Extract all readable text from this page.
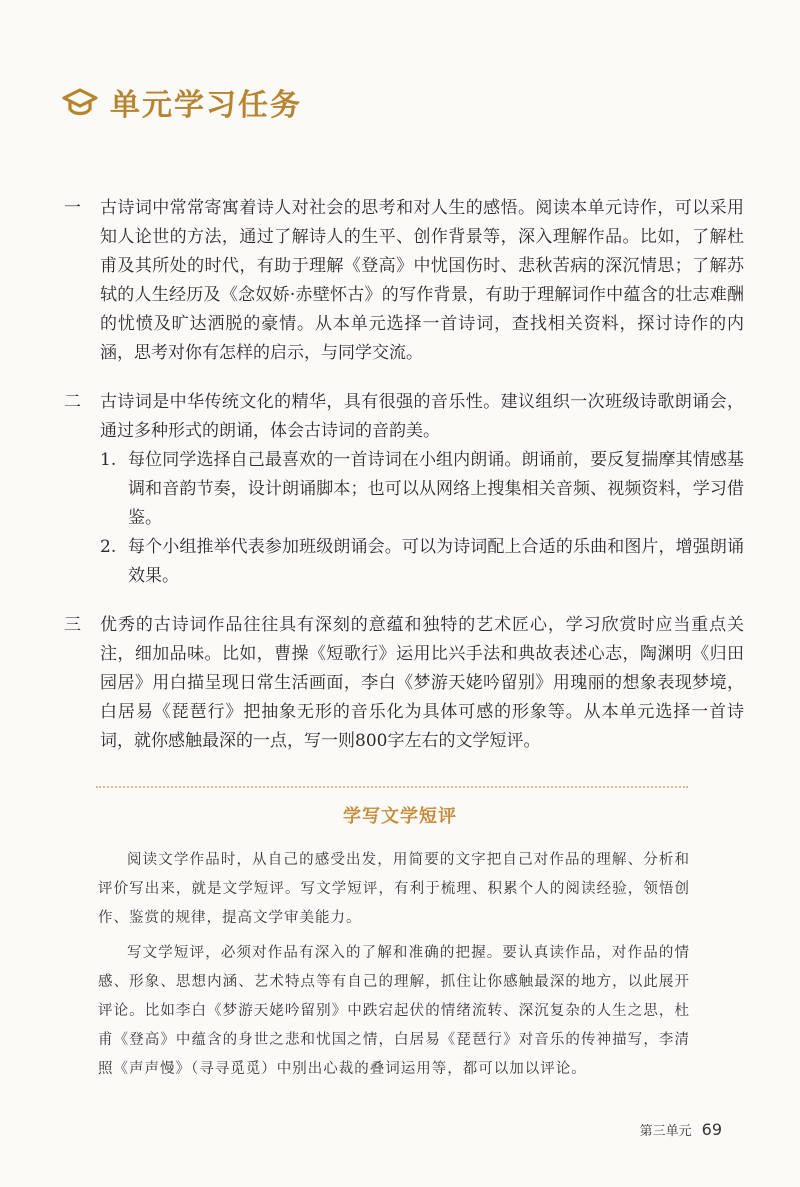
单元学习任务
一	古诗词中常常寄寓着诗人对社会的思考和对人生的感悟。阅读本单元诗作，可以采用知人论世的方法，通过了解诗人的生平、创作背景等，深入理解作品。比如，了解杜甫及其所处的时代，有助于理解《登高》中忧国伤时、悲秋苦病的深沉情思；了解苏轼的人生经历及《念奴娇·赤壁怀古》的写作背景，有助于理解词作中蕴含的壮志难酬的忧愤及旷达洒脱的豪情。从本单元选择一首诗词，查找相关资料，探讨诗作的内涵，思考对你有怎样的启示，与同学交流。

二	古诗词是中华传统文化的精华，具有很强的音乐性。建议组织一次班级诗歌朗诵会，通过多种形式的朗诵，体会古诗词的音韵美。

1. 每位同学选择自己最喜欢的一首诗词在小组内朗诵。朗诵前，要反复揣摩其情感基调和音韵节奏，设计朗诵脚本；也可以从网络上搜集相关音频、视频资料，学习借鉴。
2. 每个小组推举代表参加班级朗诵会。可以为诗词配上合适的乐曲和图片，增强朗诵效果。
三	优秀的古诗词作品往往具有深刻的意蕴和独特的艺术匠心，学习欣赏时应当重点关注，细加品味。比如，曹操《短歌行》运用比兴手法和典故表述心志，陶渊明《归田园居》用白描呈现日常生活画面，李白《梦游天姥吟留别》用瑰丽的想象表现梦境，白居易《琵琶行》把抽象无形的音乐化为具体可感的形象等。从本单元选择一首诗词，就你感触最深的一点，写一则800字左右的文学短评。

学写文学短评

阅读文学作品时，从自己的感受出发，用简要的文字把自己对作品的理解、分析和评价写出来，就是文学短评。写文学短评，有利于梳理、积累个人的阅读经验，领悟创作、鉴赏的规律，提高文学审美能力。

写文学短评，必须对作品有深入的了解和准确的把握。要认真读作品，对作品的情感、形象、思想内涵、艺术特点等有自己的理解，抓住让你感触最深的地方，以此展开评论。比如李白《梦游天姥吟留别》中跌宕起伏的情绪流转、深沉复杂的人生之思，杜甫《登高》中蕴含的身世之悲和忧国之情，白居易《琵琶行》对音乐的传神描写，李清照《声声慢》（寻寻觅觅）中别出心裁的叠词运用等，都可以加以评论。

第三单元 69
